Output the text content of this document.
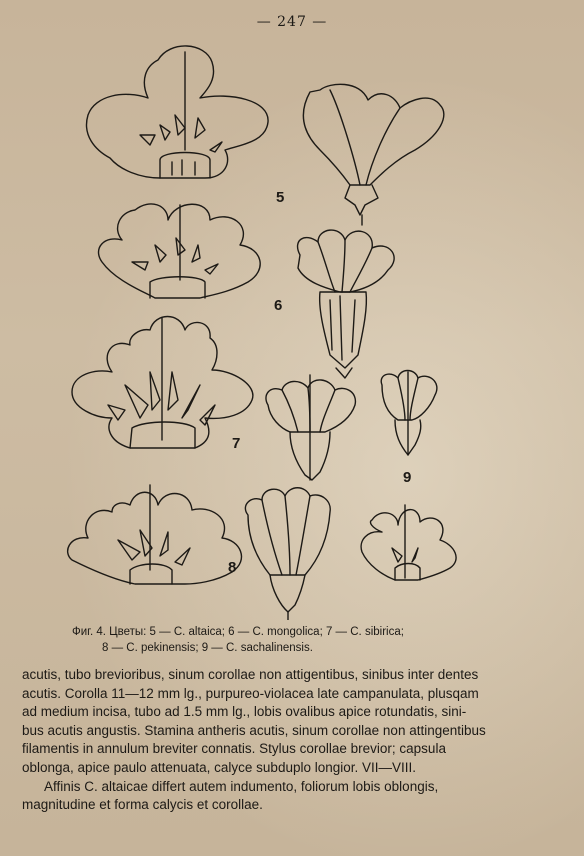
— 247 —
5
6
7
9
8
Фиг. 4. Цветы: 5 — C. altaica; 6 — C. mongolica; 7 — C. sibirica;
8 — C. pekinensis; 9 — C. sachalinensis.
acutis, tubo brevioribus, sinum corollae non attigentibus, sinibus inter dentes
acutis. Corolla 11—12 mm lg., purpureo-violacea late campanulata, plusqam
ad medium incisa, tubo ad 1.5 mm lg., lobis ovalibus apice rotundatis, sini-
bus acutis angustis. Stamina antheris acutis, sinum corollae non attingentibus
filamentis in annulum breviter connatis. Stylus corollae brevior; capsula
oblonga, apice paulo attenuata, calyce subduplo longior. VII—VIII.
Affinis C. altaicae differt autem indumento, foliorum lobis oblongis,
magnitudine et forma calycis et corollae.
